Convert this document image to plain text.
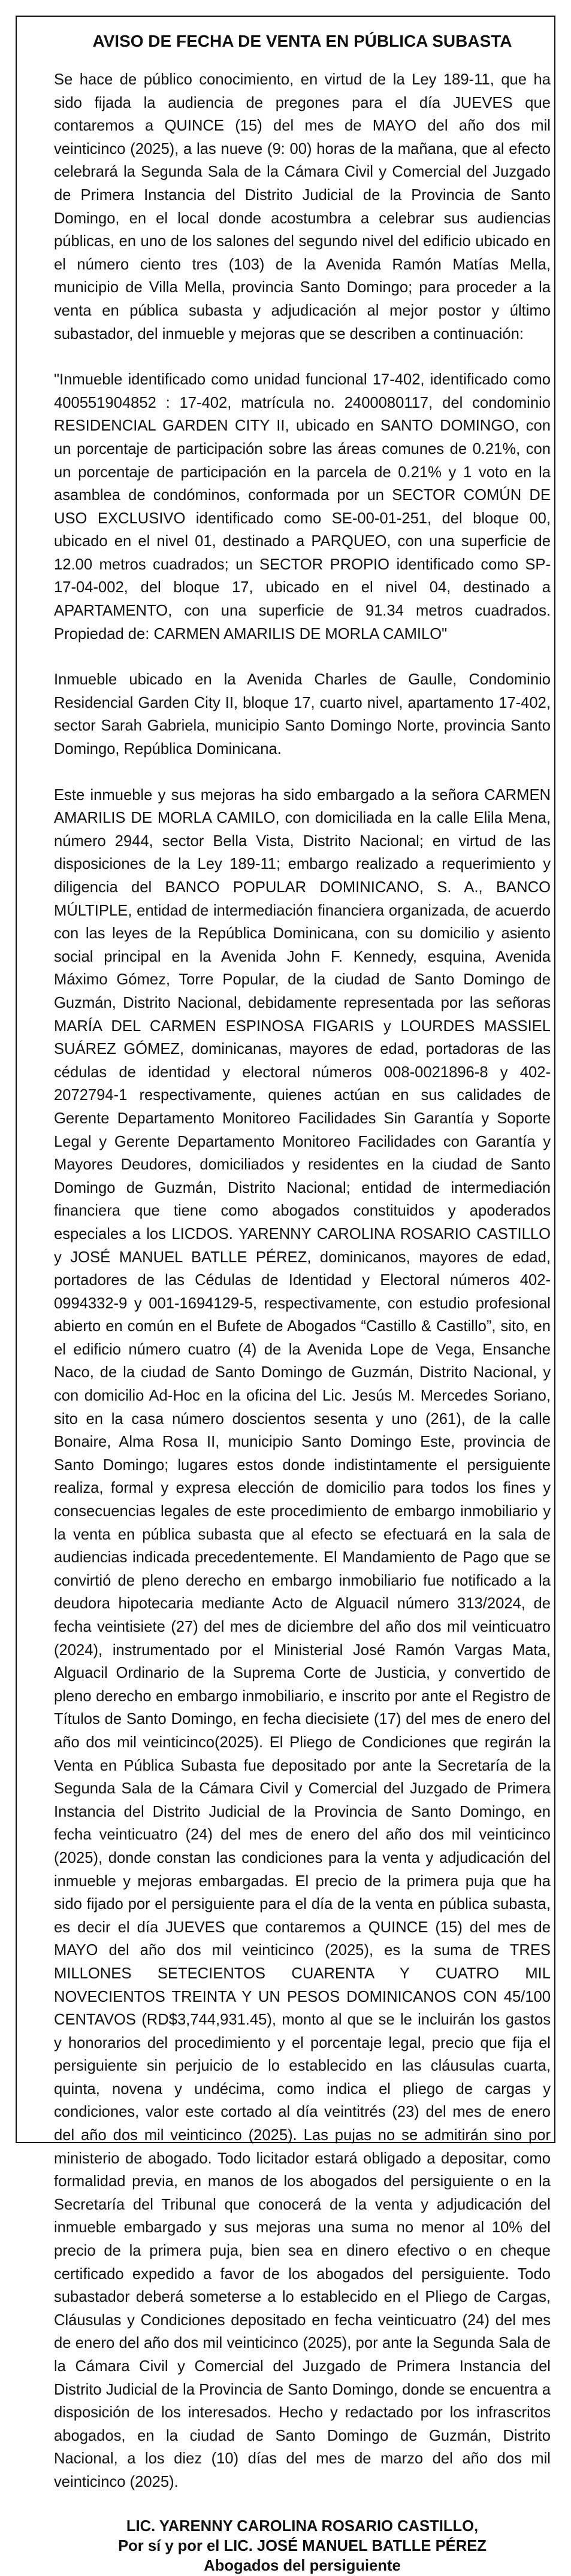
AVISO DE FECHA DE VENTA EN PÚBLICA SUBASTA

Se hace de público conocimiento, en virtud de la Ley 189-11, que ha sido fijada la audiencia de pregones para el día JUEVES que contaremos a QUINCE (15) del mes de MAYO del año dos mil veinticinco (2025), a las nueve (9: 00) horas de la mañana, que al efecto celebrará la Segunda Sala de la Cámara Civil y Comercial del Juzgado de Primera Instancia del Distrito Judicial de la Provincia de Santo Domingo, en el local donde acostumbra a celebrar sus audiencias públicas, en uno de los salones del segundo nivel del edificio ubicado en el número ciento tres (103) de la Avenida Ramón Matías Mella, municipio de Villa Mella, provincia Santo Domingo; para proceder a la venta en pública subasta y adjudicación al mejor postor y último subastador, del inmueble y mejoras que se describen a continuación:

"Inmueble identificado como unidad funcional 17-402, identificado como 400551904852 : 17-402, matrícula no. 2400080117, del condominio RESIDENCIAL GARDEN CITY II, ubicado en SANTO DOMINGO, con un porcentaje de participación sobre las áreas comunes de 0.21%, con un porcentaje de participación en la parcela de 0.21% y 1 voto en la asamblea de condóminos, conformada por un SECTOR COMÚN DE USO EXCLUSIVO identificado como SE-00-01-251, del bloque 00, ubicado en el nivel 01, destinado a PARQUEO, con una superficie de 12.00 metros cuadrados; un SECTOR PROPIO identificado como SP-17-04-002, del bloque 17, ubicado en el nivel 04, destinado a APARTAMENTO, con una superficie de 91.34 metros cuadrados. Propiedad de: CARMEN AMARILIS DE MORLA CAMILO"

Inmueble ubicado en la Avenida Charles de Gaulle, Condominio Residencial Garden City II, bloque 17, cuarto nivel, apartamento 17-402, sector Sarah Gabriela, municipio Santo Domingo Norte, provincia Santo Domingo, República Dominicana.

Este inmueble y sus mejoras ha sido embargado a la señora CARMEN AMARILIS DE MORLA CAMILO, con domiciliada en la calle Elila Mena, número 2944, sector Bella Vista, Distrito Nacional; en virtud de las disposiciones de la Ley 189-11; embargo realizado a requerimiento y diligencia del BANCO POPULAR DOMINICANO, S. A., BANCO MÚLTIPLE, entidad de intermediación financiera organizada, de acuerdo con las leyes de la República Dominicana, con su domicilio y asiento social principal en la Avenida John F. Kennedy, esquina, Avenida Máximo Gómez, Torre Popular, de la ciudad de Santo Domingo de Guzmán, Distrito Nacional, debidamente representada por las señoras MARÍA DEL CARMEN ESPINOSA FIGARIS y LOURDES MASSIEL SUÁREZ GÓMEZ, dominicanas, mayores de edad, portadoras de las cédulas de identidad y electoral números 008-0021896-8 y 402-2072794-1 respectivamente, quienes actúan en sus calidades de Gerente Departamento Monitoreo Facilidades Sin Garantía y Soporte Legal y Gerente Departamento Monitoreo Facilidades con Garantía y Mayores Deudores, domiciliados y residentes en la ciudad de Santo Domingo de Guzmán, Distrito Nacional; entidad de intermediación financiera que tiene como abogados constituidos y apoderados especiales a los LICDOS. YARENNY CAROLINA ROSARIO CASTILLO y JOSÉ MANUEL BATLLE PÉREZ, dominicanos, mayores de edad, portadores de las Cédulas de Identidad y Electoral números 402-0994332-9 y 001-1694129-5, respectivamente, con estudio profesional abierto en común en el Bufete de Abogados “Castillo & Castillo”, sito, en el edificio número cuatro (4) de la Avenida Lope de Vega, Ensanche Naco, de la ciudad de Santo Domingo de Guzmán, Distrito Nacional, y con domicilio Ad-Hoc en la oficina del Lic. Jesús M. Mercedes Soriano, sito en la casa número doscientos sesenta y uno (261), de la calle Bonaire, Alma Rosa II, municipio Santo Domingo Este, provincia de Santo Domingo; lugares estos donde indistintamente el persiguiente realiza, formal y expresa elección de domicilio para todos los fines y consecuencias legales de este procedimiento de embargo inmobiliario y la venta en pública subasta que al efecto se efectuará en la sala de audiencias indicada precedentemente. El Mandamiento de Pago que se convirtió de pleno derecho en embargo inmobiliario fue notificado a la deudora hipotecaria mediante Acto de Alguacil número 313/2024, de fecha veintisiete (27) del mes de diciembre del año dos mil veinticuatro (2024), instrumentado por el Ministerial José Ramón Vargas Mata, Alguacil Ordinario de la Suprema Corte de Justicia, y convertido de pleno derecho en embargo inmobiliario, e inscrito por ante el Registro de Títulos de Santo Domingo, en fecha diecisiete (17) del mes de enero del año dos mil veinticinco(2025). El Pliego de Condiciones que regirán la Venta en Pública Subasta fue depositado por ante la Secretaría de la Segunda Sala de la Cámara Civil y Comercial del Juzgado de Primera Instancia del Distrito Judicial de la Provincia de Santo Domingo, en fecha veinticuatro (24) del mes de enero del año dos mil veinticinco (2025), donde constan las condiciones para la venta y adjudicación del inmueble y mejoras embargadas. El precio de la primera puja que ha sido fijado por el persiguiente para el día de la venta en pública subasta, es decir el día JUEVES que contaremos a QUINCE (15) del mes de MAYO del año dos mil veinticinco (2025), es la suma de TRES MILLONES SETECIENTOS CUARENTA Y CUATRO MIL NOVECIENTOS TREINTA Y UN PESOS DOMINICANOS CON 45/100 CENTAVOS (RD$3,744,931.45), monto al que se le incluirán los gastos y honorarios del procedimiento y el porcentaje legal, precio que fija el persiguiente sin perjuicio de lo establecido en las cláusulas cuarta, quinta, novena y undécima, como indica el pliego de cargas y condiciones, valor este cortado al día veintitrés (23) del mes de enero del año dos mil veinticinco (2025). Las pujas no se admitirán sino por ministerio de abogado. Todo licitador estará obligado a depositar, como formalidad previa, en manos de los abogados del persiguiente o en la Secretaría del Tribunal que conocerá de la venta y adjudicación del inmueble embargado y sus mejoras una suma no menor al 10% del precio de la primera puja, bien sea en dinero efectivo o en cheque certificado expedido a favor de los abogados del persiguiente. Todo subastador deberá someterse a lo establecido en el Pliego de Cargas, Cláusulas y Condiciones depositado en fecha veinticuatro (24) del mes de enero del año dos mil veinticinco (2025), por ante la Segunda Sala de la Cámara Civil y Comercial del Juzgado de Primera Instancia del Distrito Judicial de la Provincia de Santo Domingo, donde se encuentra a disposición de los interesados. Hecho y redactado por los infrascritos abogados, en la ciudad de Santo Domingo de Guzmán, Distrito Nacional, a los diez (10) días del mes de marzo del año dos mil veinticinco (2025).

LIC. YARENNY CAROLINA ROSARIO CASTILLO,
Por sí y por el LIC. JOSÉ MANUEL BATLLE PÉREZ
Abogados del persiguiente
